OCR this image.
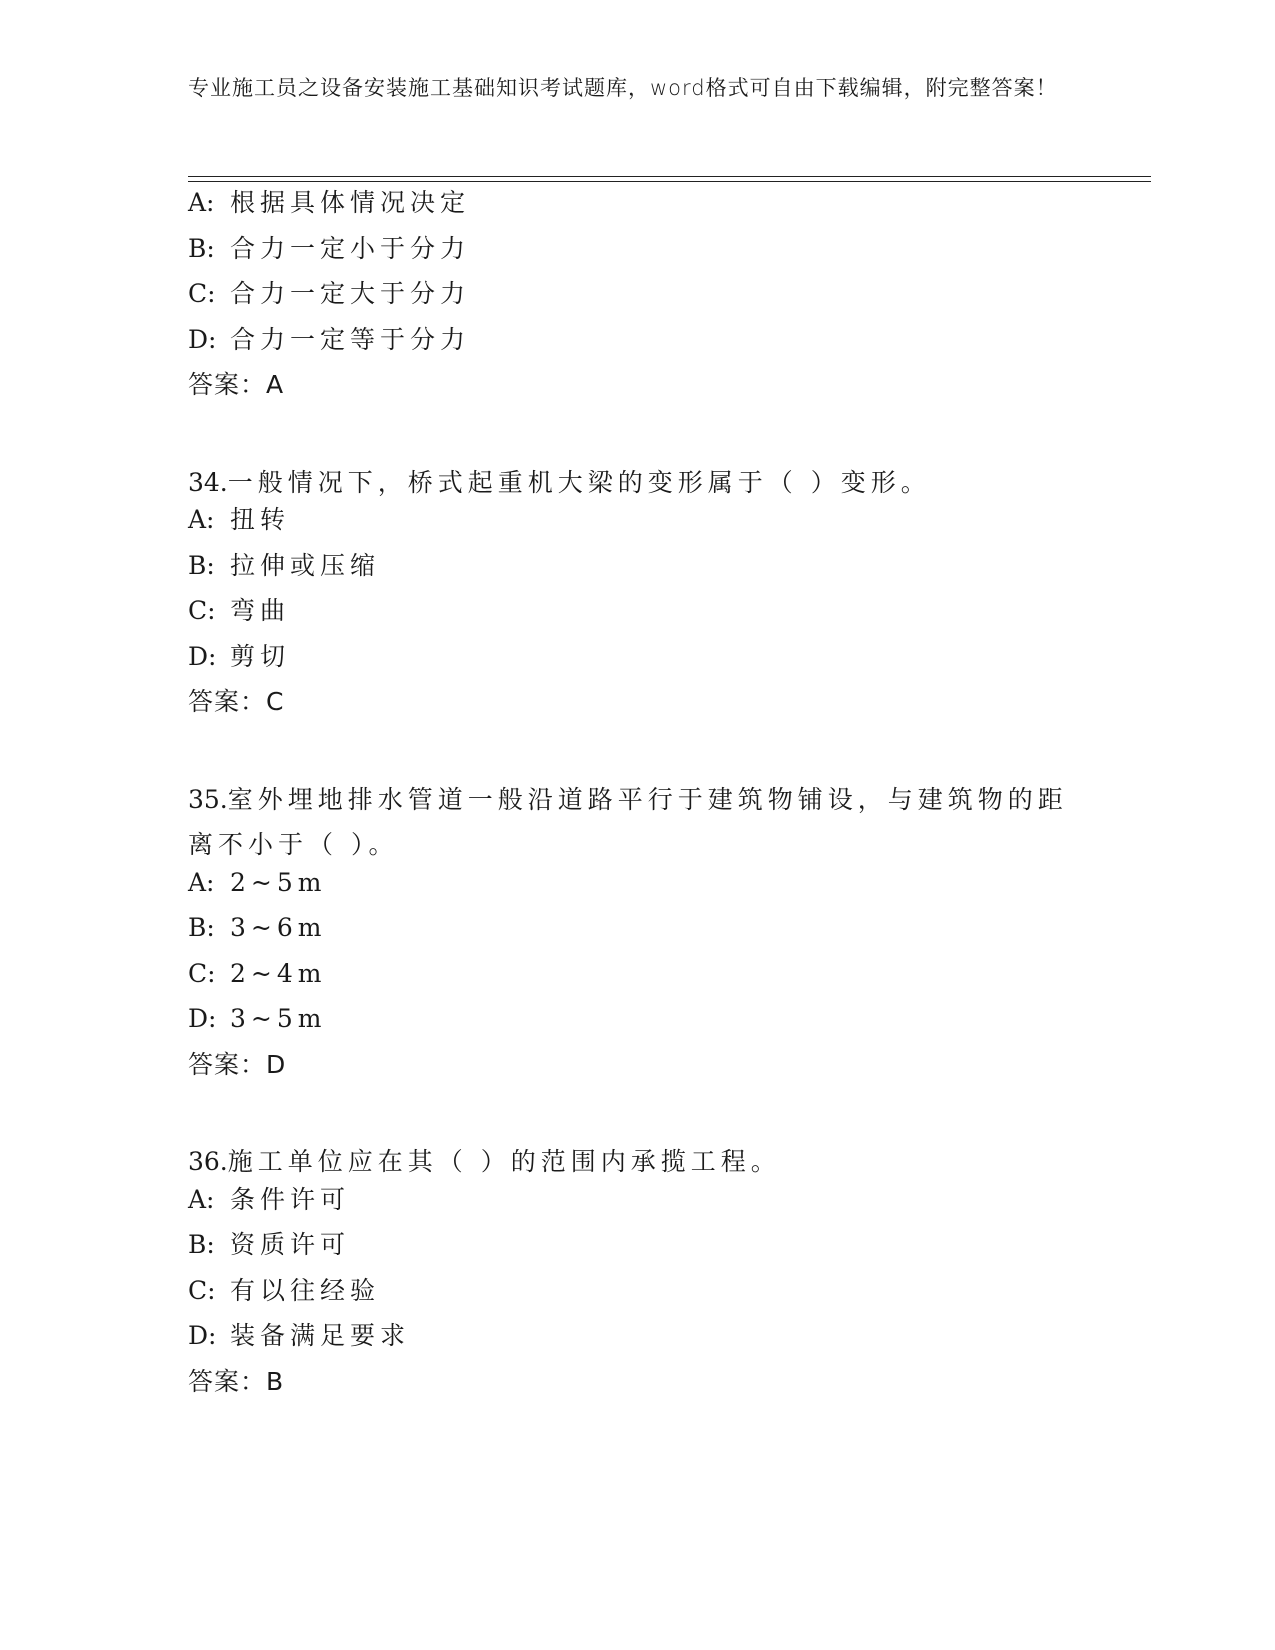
专业施工员之设备安装施工基础知识考试题库，word格式可自由下载编辑，附完整答案！
A: 根据具体情况决定
B: 合力一定小于分力
C: 合力一定大于分力
D: 合力一定等于分力
答案：A
34.一般情况下，桥式起重机大梁的变形属于（ ）变形。
A: 扭转
B: 拉伸或压缩
C: 弯曲
D: 剪切
答案：C
35.室外埋地排水管道一般沿道路平行于建筑物铺设，与建筑物的距离不小于（ ）。
A: 2~5m
B: 3~6m
C: 2~4m
D: 3~5m
答案：D
36.施工单位应在其（ ）的范围内承揽工程。
A: 条件许可
B: 资质许可
C: 有以往经验
D: 装备满足要求
答案：B
